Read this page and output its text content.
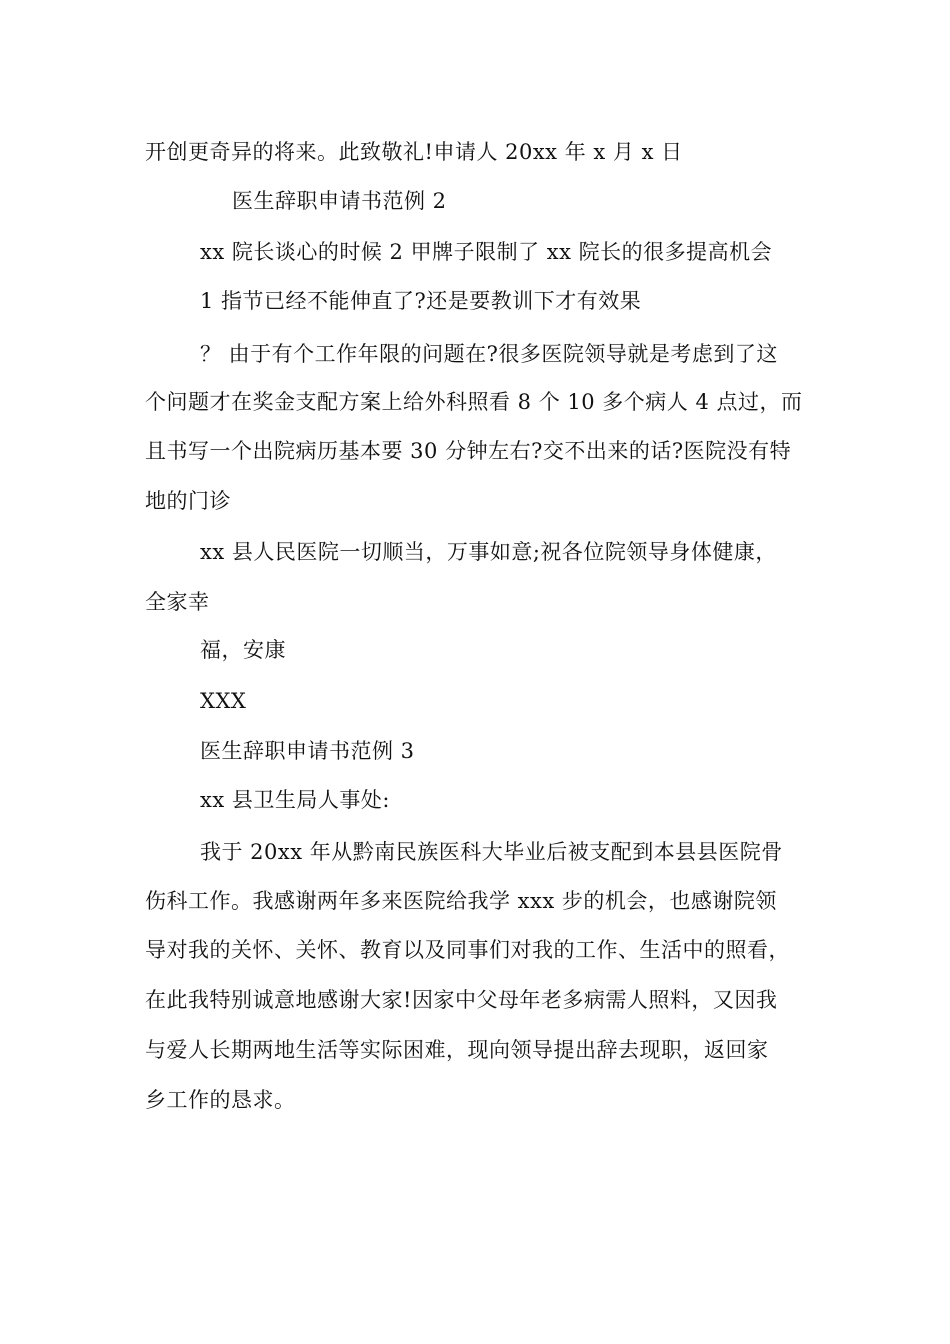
开创更奇异的将来。此致敬礼!申请人 20xx 年 x 月 x 日
医生辞职申请书范例 2
xx 院长谈心的时候 2 甲牌子限制了 xx 院长的很多提高机会
1 指节已经不能伸直了?还是要教训下才有效果
？ 由于有个工作年限的问题在?很多医院领导就是考虑到了这
个问题才在奖金支配方案上给外科照看 8 个 10 多个病人 4 点过，而
且书写一个出院病历基本要 30 分钟左右?交不出来的话?医院没有特
地的门诊
xx 县人民医院一切顺当，万事如意;祝各位院领导身体健康，
全家幸
福，安康
XXX
医生辞职申请书范例 3
xx 县卫生局人事处:
我于 20xx 年从黔南民族医科大毕业后被支配到本县县医院骨
伤科工作。我感谢两年多来医院给我学 xxx 步的机会，也感谢院领
导对我的关怀、关怀、教育以及同事们对我的工作、生活中的照看，
在此我特别诚意地感谢大家!因家中父母年老多病需人照料，又因我
与爱人长期两地生活等实际困难，现向领导提出辞去现职，返回家
乡工作的恳求。
